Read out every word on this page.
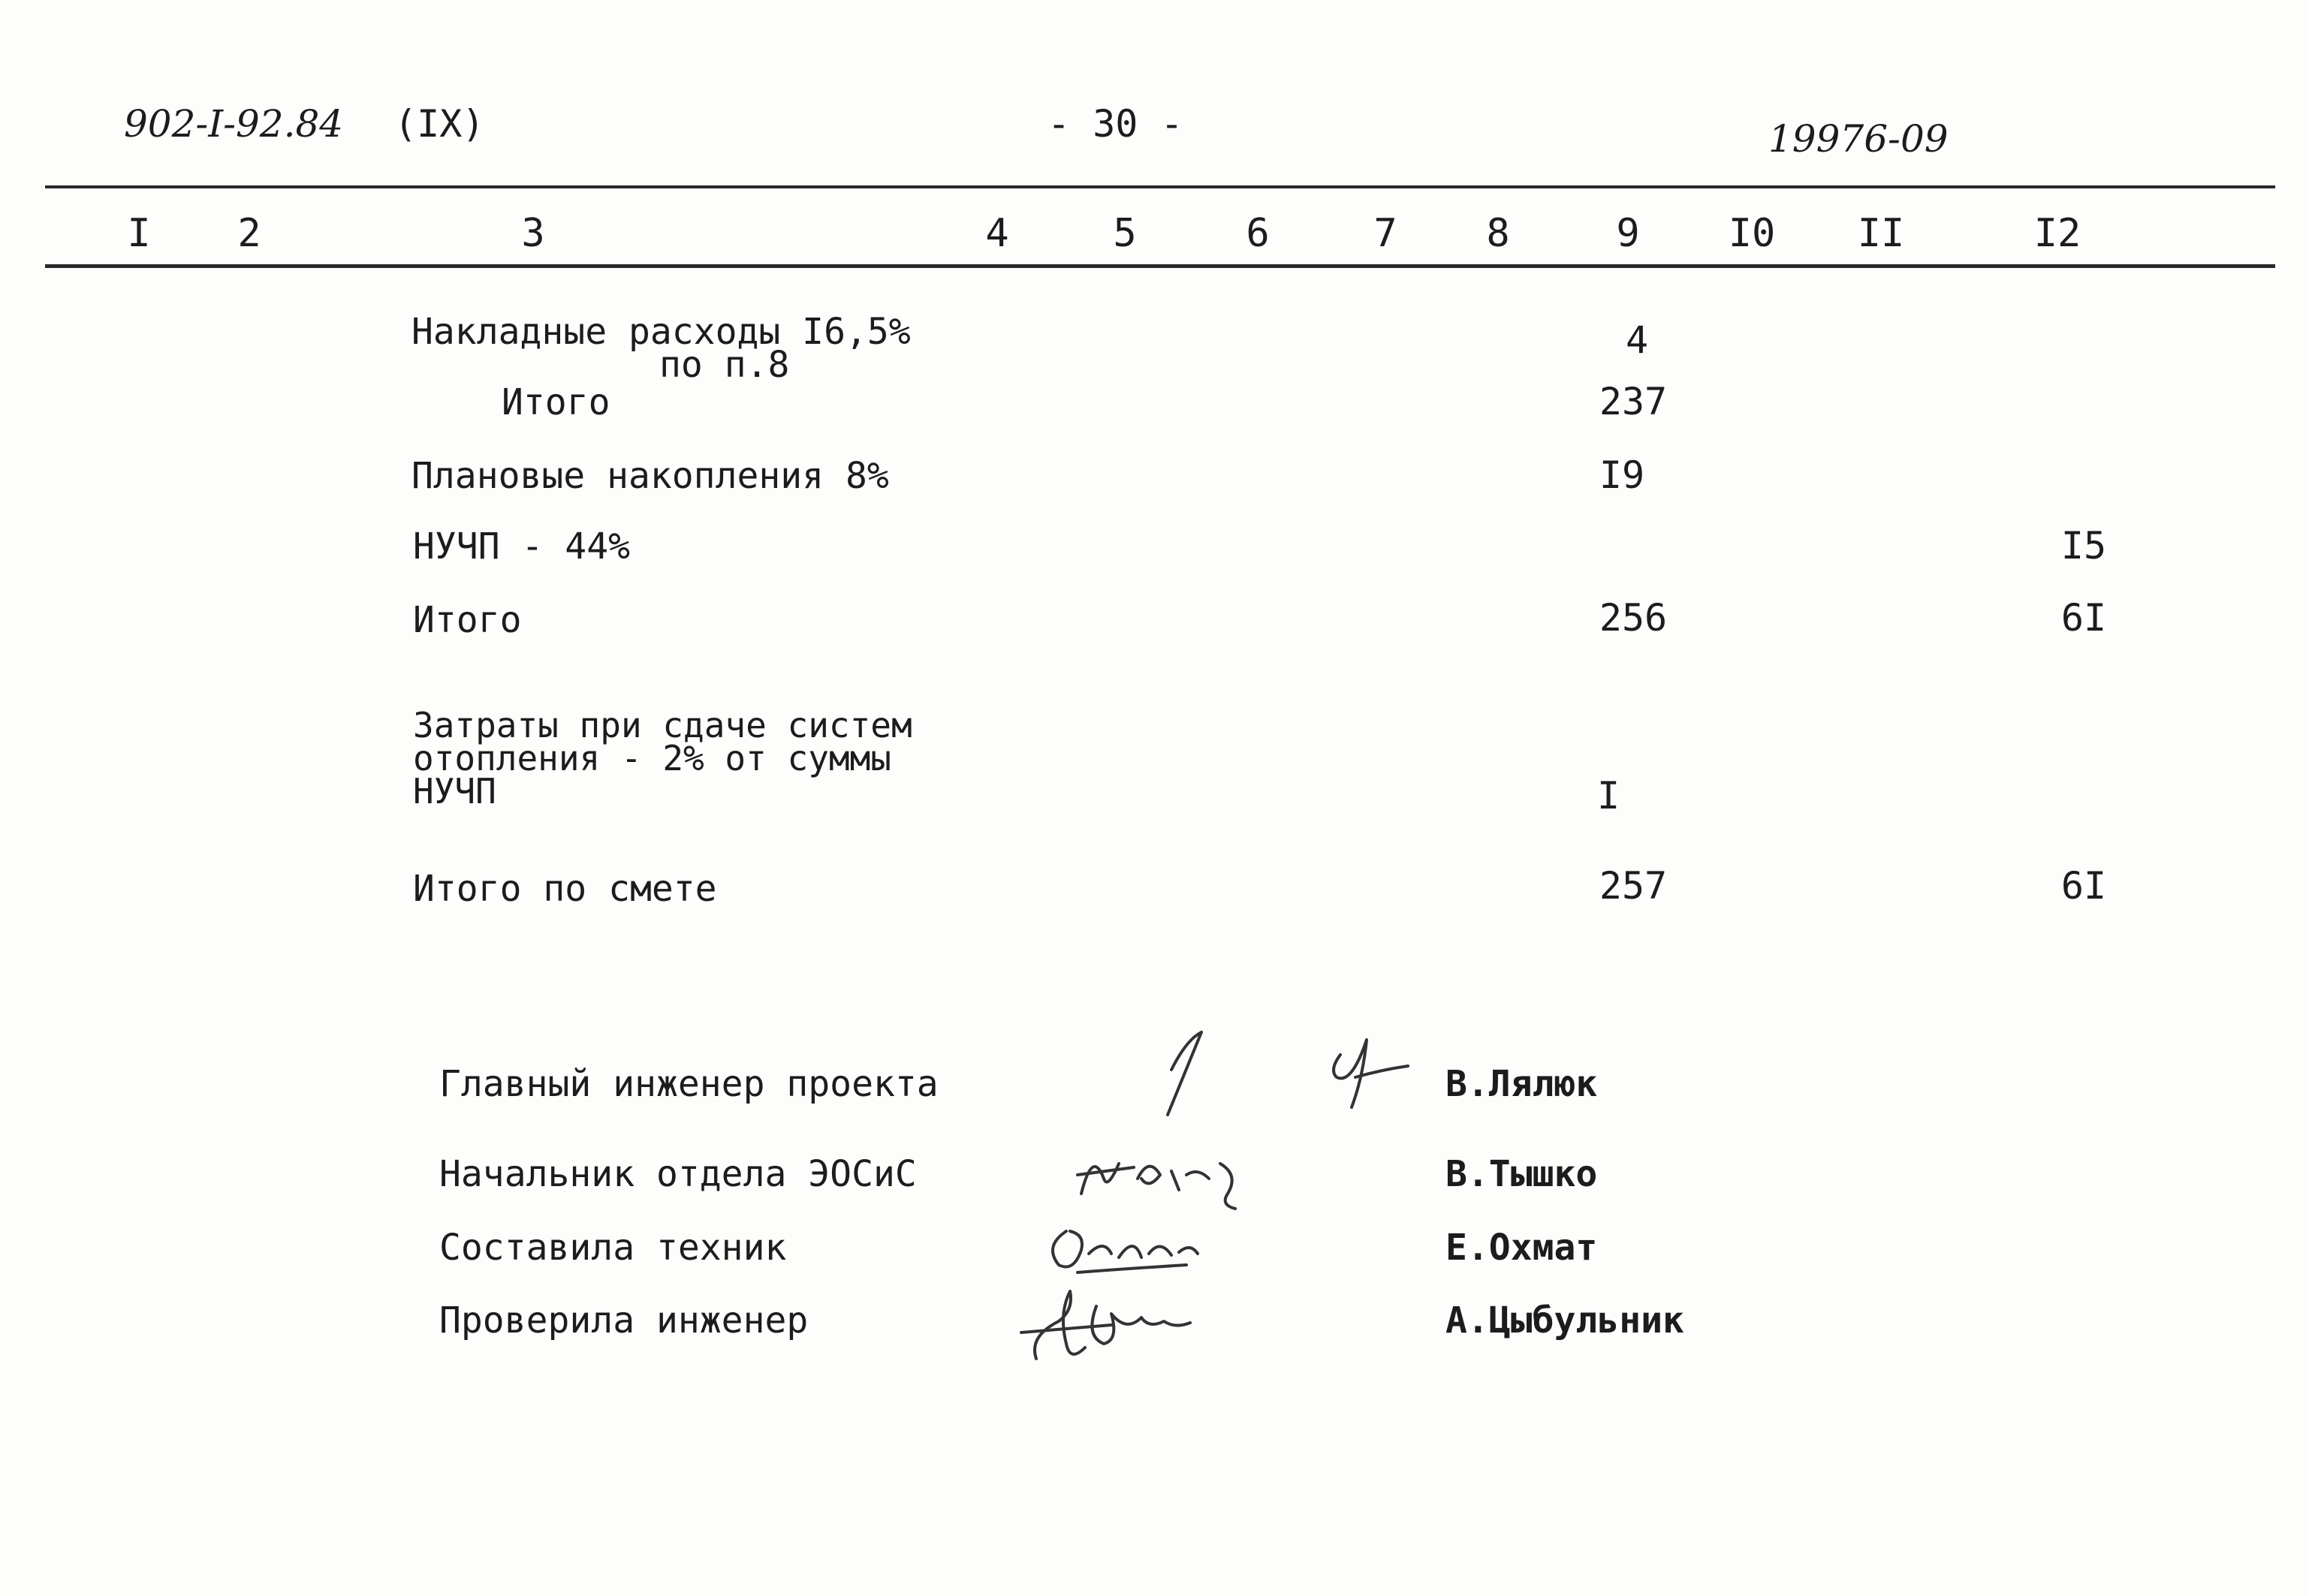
902-I-92.84 (IX)	- 30 -	19976-09
I 2	3	4	5	6	7 8	9 I0 II	I2
Накладные расходы I6,5%
по п.8
4
Итого	237
Плановые накопления 8%	I9
НУЧП - 44%	I5
Итого	256	6I
Затраты при сдаче систем
отопления - 2% от суммы
НУЧП	I
Итого по смете	257	6I
Главный инженер проекта	В.Лялюк
Начальник отдела ЭОСиС	В.Тышко
Составила техник	Е.Охмат
Проверила инженер	А.Цыбульник
